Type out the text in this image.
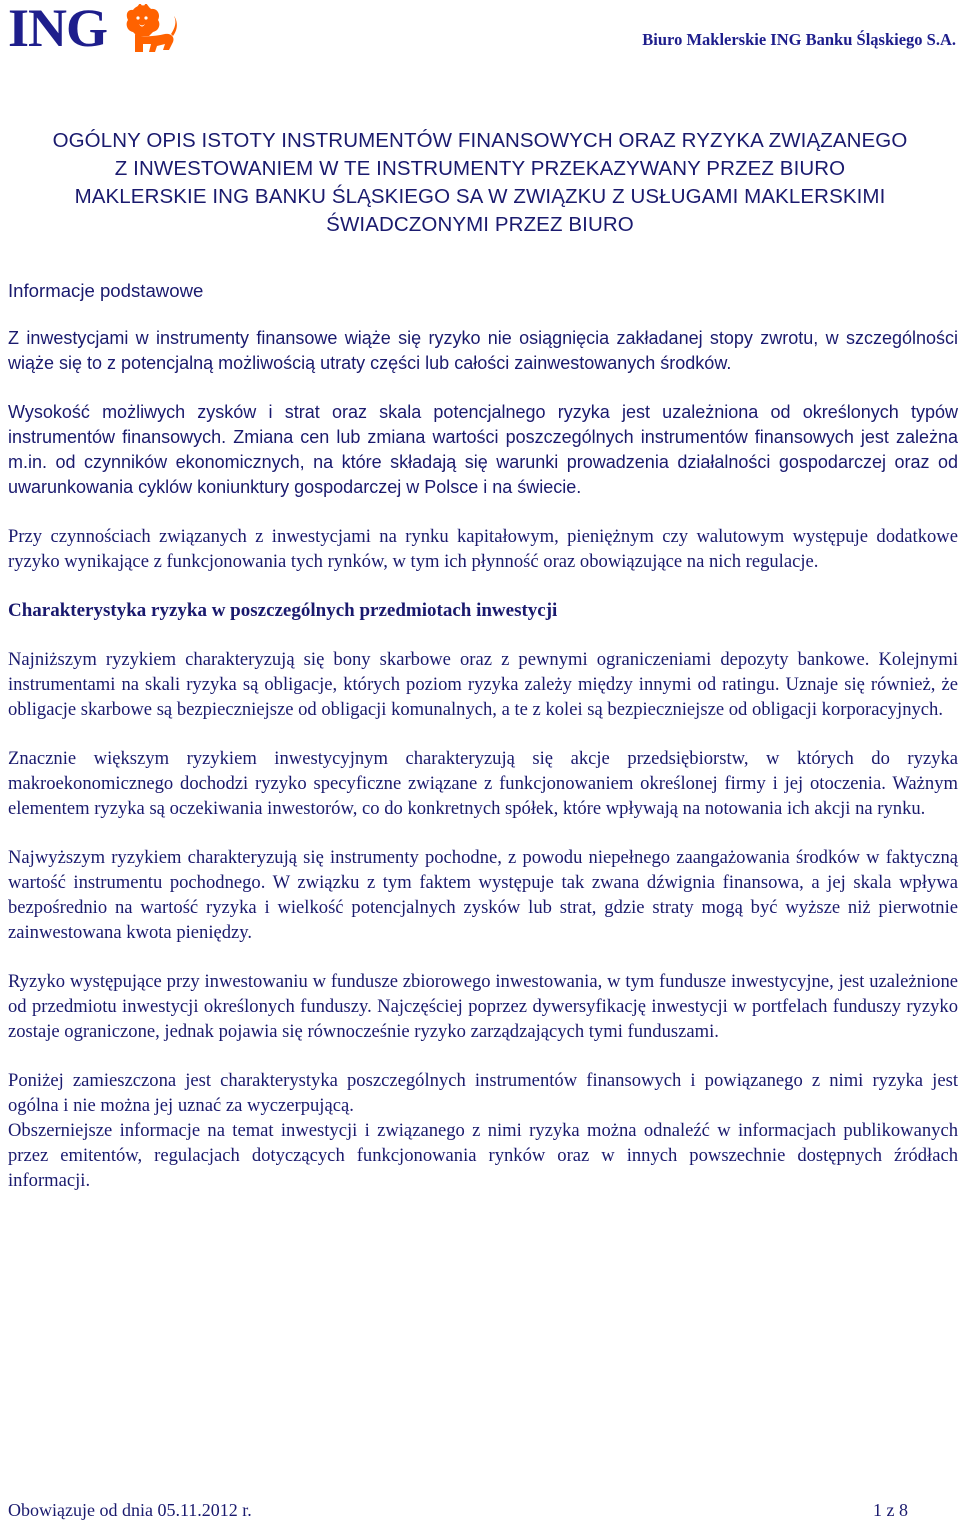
ING	Biuro Maklerskie ING Banku Śląskiego S.A.
OGÓLNY OPIS ISTOTY INSTRUMENTÓW FINANSOWYCH ORAZ RYZYKA ZWIĄZANEGO
Z INWESTOWANIEM W TE INSTRUMENTY PRZEKAZYWANY PRZEZ BIURO
MAKLERSKIE ING BANKU ŚLĄSKIEGO SA W ZWIĄZKU Z USŁUGAMI MAKLERSKIMI
ŚWIADCZONYMI PRZEZ BIURO
Informacje podstawowe

Z inwestycjami w instrumenty finansowe wiąże się ryzyko nie osiągnięcia zakładanej stopy zwrotu, w szczególności wiąże się to z potencjalną możliwością utraty części lub całości zainwestowanych środków.

Wysokość możliwych zysków i strat oraz skala potencjalnego ryzyka jest uzależniona od określonych typów instrumentów finansowych. Zmiana cen lub zmiana wartości poszczególnych instrumentów finansowych jest zależna m.in. od czynników ekonomicznych, na które składają się warunki prowadzenia działalności gospodarczej oraz od uwarunkowania cyklów koniunktury gospodarczej w Polsce i na świecie.

Przy czynnościach związanych z inwestycjami na rynku kapitałowym, pieniężnym czy walutowym występuje dodatkowe ryzyko wynikające z funkcjonowania tych rynków, w tym ich płynność oraz obowiązujące na nich regulacje.

Charakterystyka ryzyka w poszczególnych przedmiotach inwestycji

Najniższym ryzykiem charakteryzują się bony skarbowe oraz z pewnymi ograniczeniami depozyty bankowe. Kolejnymi instrumentami na skali ryzyka są obligacje, których poziom ryzyka zależy między innymi od ratingu. Uznaje się również, że obligacje skarbowe są bezpieczniejsze od obligacji komunalnych, a te z kolei są bezpieczniejsze od obligacji korporacyjnych.

Znacznie większym ryzykiem inwestycyjnym charakteryzują się akcje przedsiębiorstw, w których do ryzyka makroekonomicznego dochodzi ryzyko specyficzne związane z funkcjonowaniem określonej firmy i jej otoczenia. Ważnym elementem ryzyka są oczekiwania inwestorów, co do konkretnych spółek, które wpływają na notowania ich akcji na rynku.

Najwyższym ryzykiem charakteryzują się instrumenty pochodne, z powodu niepełnego zaangażowania środków w faktyczną wartość instrumentu pochodnego. W związku z tym faktem występuje tak zwana dźwignia finansowa, a jej skala wpływa bezpośrednio na wartość ryzyka i wielkość potencjalnych zysków lub strat, gdzie straty mogą być wyższe niż pierwotnie zainwestowana kwota pieniędzy.

Ryzyko występujące przy inwestowaniu w fundusze zbiorowego inwestowania, w tym fundusze inwestycyjne, jest uzależnione od przedmiotu inwestycji określonych funduszy. Najczęściej poprzez dywersyfikację inwestycji w portfelach funduszy ryzyko zostaje ograniczone, jednak pojawia się równocześnie ryzyko zarządzających tymi funduszami.

Poniżej zamieszczona jest charakterystyka poszczególnych instrumentów finansowych i powiązanego z nimi ryzyka jest ogólna i nie można jej uznać za wyczerpującą.

Obszerniejsze informacje na temat inwestycji i związanego z nimi ryzyka można odnaleźć w informacjach publikowanych przez emitentów, regulacjach dotyczących funkcjonowania rynków oraz w innych powszechnie dostępnych źródłach informacji.

Obowiązuje od dnia 05.11.2012 r.	1 z 8
